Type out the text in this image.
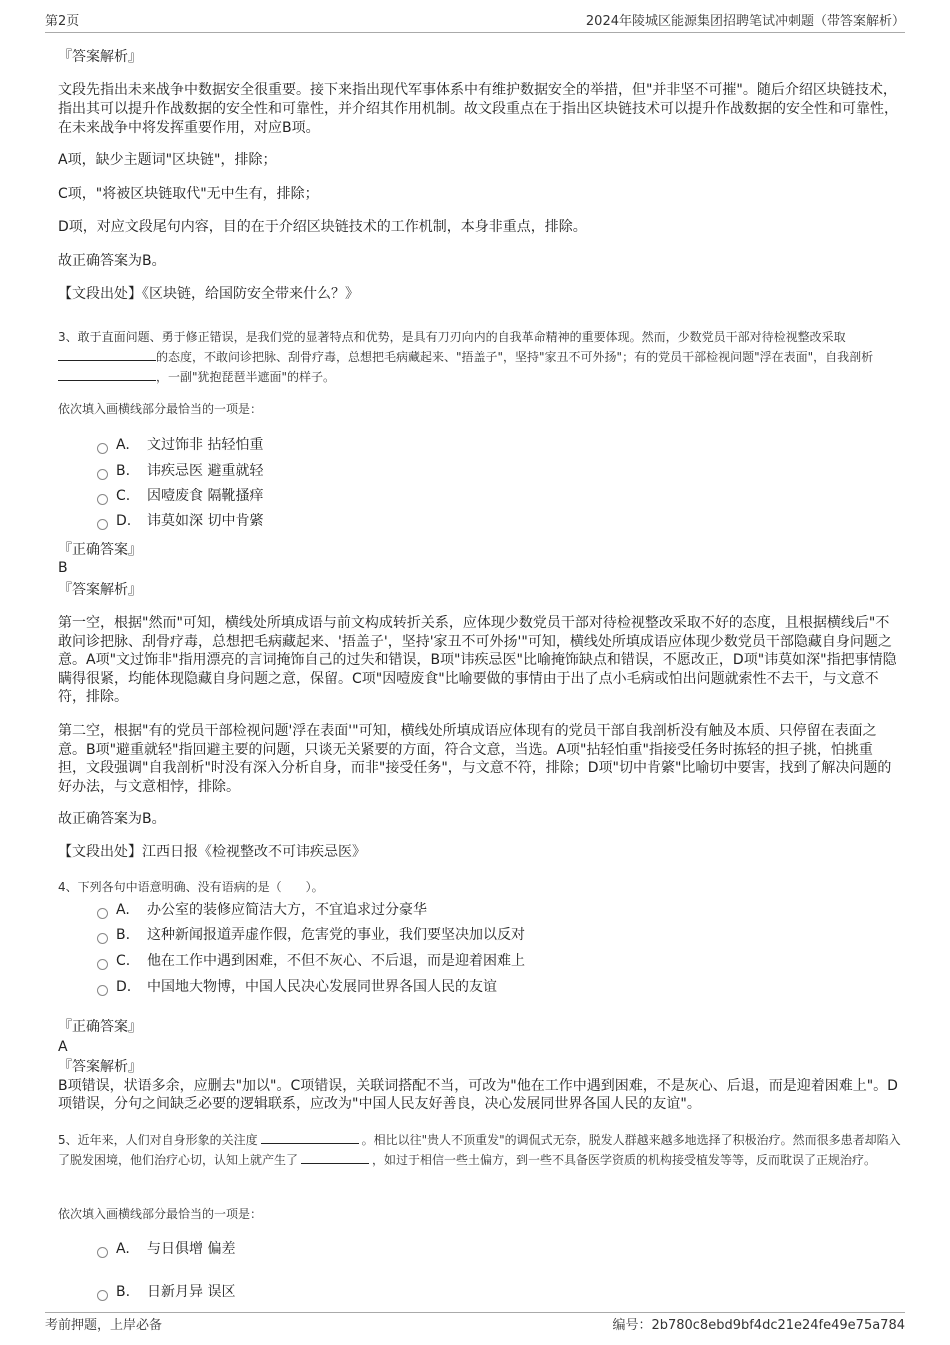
第2页	2024年陵城区能源集团招聘笔试冲刺题（带答案解析）
『答案解析』
文段先指出未来战争中数据安全很重要。接下来指出现代军事体系中有维护数据安全的举措，但"并非坚不可摧"。随后介绍区块链技术，指出其可以提升作战数据的安全性和可靠性，并介绍其作用机制。故文段重点在于指出区块链技术可以提升作战数据的安全性和可靠性，在未来战争中将发挥重要作用，对应B项。
A项，缺少主题词"区块链"，排除；
C项，"将被区块链取代"无中生有，排除；
D项，对应文段尾句内容，目的在于介绍区块链技术的工作机制，本身非重点，排除。
故正确答案为B。
【文段出处】《区块链，给国防安全带来什么？》
3、敢于直面问题、勇于修正错误，是我们党的显著特点和优势，是具有刀刃向内的自我革命精神的重要体现。然而，少数党员干部对待检视整改采取的态度，不敢问诊把脉、刮骨疗毒，总想把毛病藏起来、"捂盖子"，坚持"家丑不可外扬"；有的党员干部检视问题"浮在表面"，自我剖析，一副"犹抱琵琶半遮面"的样子。
依次填入画横线部分最恰当的一项是：
A.	文过饰非 拈轻怕重
B.	讳疾忌医 避重就轻
C.	因噎废食 隔靴搔痒
D.	讳莫如深 切中肯綮
『正确答案』
B
『答案解析』
第一空，根据"然而"可知，横线处所填成语与前文构成转折关系，应体现少数党员干部对待检视整改采取不好的态度，且根据横线后"不敢问诊把脉、刮骨疗毒，总想把毛病藏起来、'捂盖子'，坚持'家丑不可外扬'"可知，横线处所填成语应体现少数党员干部隐藏自身问题之意。A项"文过饰非"指用漂亮的言词掩饰自己的过失和错误，B项"讳疾忌医"比喻掩饰缺点和错误，不愿改正，D项"讳莫如深"指把事情隐瞒得很紧，均能体现隐藏自身问题之意，保留。C项"因噎废食"比喻要做的事情由于出了点小毛病或怕出问题就索性不去干，与文意不符，排除。
第二空，根据"有的党员干部检视问题'浮在表面'"可知，横线处所填成语应体现有的党员干部自我剖析没有触及本质、只停留在表面之意。B项"避重就轻"指回避主要的问题，只谈无关紧要的方面，符合文意，当选。A项"拈轻怕重"指接受任务时拣轻的担子挑，怕挑重担，文段强调"自我剖析"时没有深入分析自身，而非"接受任务"，与文意不符，排除；D项"切中肯綮"比喻切中要害，找到了解决问题的好办法，与文意相悖，排除。
故正确答案为B。
【文段出处】江西日报《检视整改不可讳疾忌医》
4、下列各句中语意明确、没有语病的是（　　）。
A.	办公室的装修应简洁大方，不宜追求过分豪华
B.	这种新闻报道弄虚作假，危害党的事业，我们要坚决加以反对
C.	他在工作中遇到困难，不但不灰心、不后退，而是迎着困难上
D.	中国地大物博，中国人民决心发展同世界各国人民的友谊
『正确答案』
A
『答案解析』
B项错误，状语多余，应删去"加以"。C项错误，关联词搭配不当，可改为"他在工作中遇到困难，不是灰心、后退，而是迎着困难上"。D项错误，分句之间缺乏必要的逻辑联系，应改为"中国人民友好善良，决心发展同世界各国人民的友谊"。
5、近年来，人们对自身形象的关注度	。相比以往"贵人不顶重发"的调侃式无奈，脱发人群越来越多地选择了积极治疗。然而很多患者却陷入了脱发困境，他们治疗心切，认知上就产生了	，如过于相信一些土偏方，到一些不具备医学资质的机构接受植发等等，反而耽误了正规治疗。
依次填入画横线部分最恰当的一项是：
A.	与日俱增 偏差
B.	日新月异 误区
考前押题，上岸必备	编号：2b780c8ebd9bf4dc21e24fe49e75a784
